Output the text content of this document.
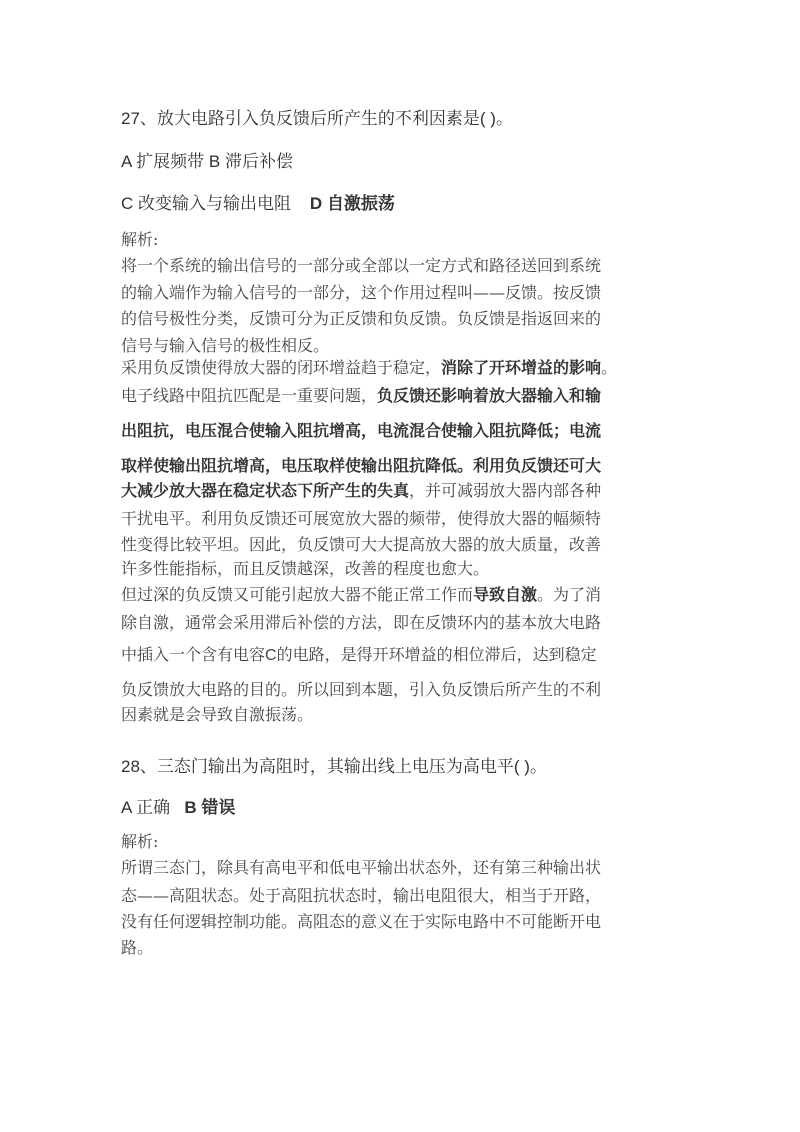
27、放大电路引入负反馈后所产生的不利因素是( )。
A 扩展频带 B 滞后补偿
C 改变输入与输出电阻 D 自激振荡
解析:
将一个系统的输出信号的一部分或全部以一定方式和路径送回到系统
的输入端作为输入信号的一部分，这个作用过程叫——反馈。按反馈
的信号极性分类，反馈可分为正反馈和负反馈。负反馈是指返回来的
信号与输入信号的极性相反。
采用负反馈使得放大器的闭环增益趋于稳定，消除了开环增益的影响。
电子线路中阻抗匹配是一重要问题，负反馈还影响着放大器输入和输
出阻抗，电压混合使输入阻抗增高，电流混合使输入阻抗降低；电流
取样使输出阻抗增高，电压取样使输出阻抗降低。利用负反馈还可大
大减少放大器在稳定状态下所产生的失真，并可减弱放大器内部各种
干扰电平。利用负反馈还可展宽放大器的频带，使得放大器的幅频特
性变得比较平坦。因此，负反馈可大大提高放大器的放大质量，改善
许多性能指标，而且反馈越深，改善的程度也愈大。
但过深的负反馈又可能引起放大器不能正常工作而导致自激。为了消
除自激，通常会采用滞后补偿的方法，即在反馈环内的基本放大电路
中插入一个含有电容C的电路，是得开环增益的相位滞后，达到稳定
负反馈放大电路的目的。所以回到本题，引入负反馈后所产生的不利
因素就是会导致自激振荡。
28、三态门输出为高阻时，其输出线上电压为高电平( )。
A 正确 B 错误
解析:
所谓三态门，除具有高电平和低电平输出状态外，还有第三种输出状
态——高阻状态。处于高阻抗状态时，输出电阻很大，相当于开路，
没有任何逻辑控制功能。高阻态的意义在于实际电路中不可能断开电
路。
